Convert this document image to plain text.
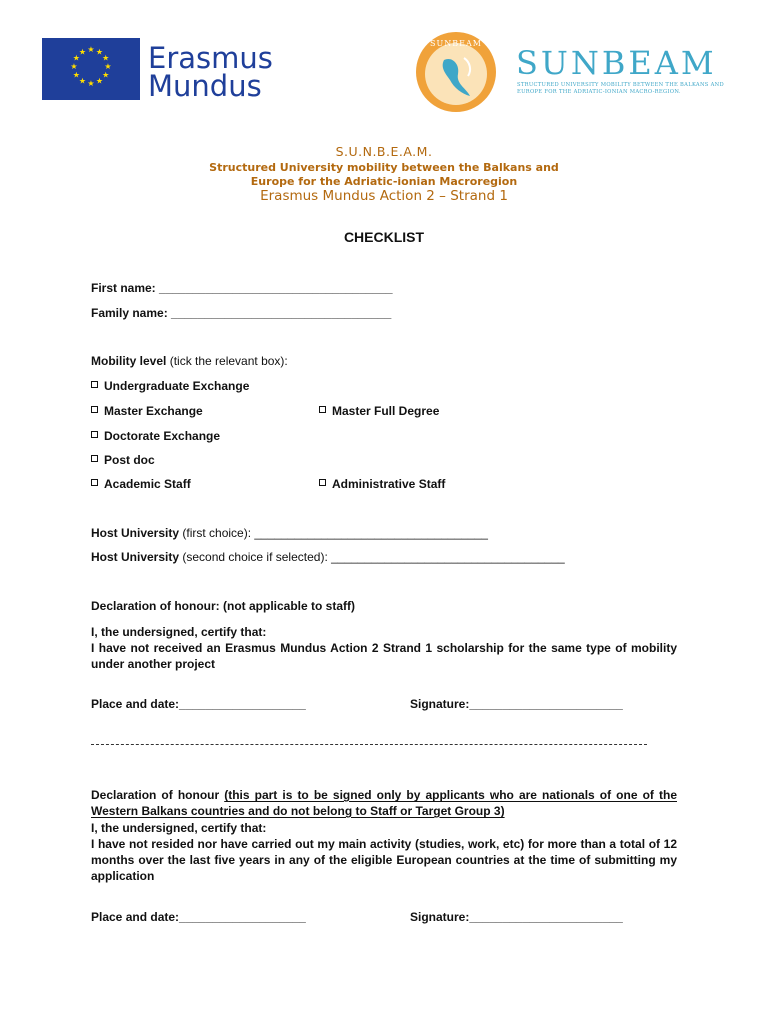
★ ★
★
★
★
★
★
★
★
★
★
★ Erasmus
Mundus
SUNBEAM
SUNBEAM
STRUCTURED UNIVERSITY MOBILITY BETWEEN THE BALKANS AND EUROPE FOR THE ADRIATIC-IONIAN MACRO-REGION.
S.U.N.B.E.A.M.
Structured University mobility between the Balkans and
Europe for the Adriatic-ionian Macroregion
Erasmus Mundus Action 2 – Strand 1
CHECKLIST
First name: ___________________________________
Family name: _________________________________
Mobility level (tick the relevant box):
Undergraduate Exchange
Master Exchange	Master Full Degree
Doctorate Exchange
Post doc
Academic Staff	Administrative Staff
Host University (first choice): ___________________________________
Host University (second choice if selected): ___________________________________
Declaration of honour: (not applicable to staff)
I, the undersigned, certify that:
I have not received an Erasmus Mundus Action 2 Strand 1 scholarship for the same type of mobility under another project
Place and date:___________________	Signature:_______________________
Declaration of honour (this part is to be signed only by applicants who are nationals of one of the Western Balkans countries and do not belong to Staff or Target Group 3)
I, the undersigned, certify that:
I have not resided nor have carried out my main activity (studies, work, etc) for more than a total of 12 months over the last five years in any of the eligible European countries at the time of submitting my application
Place and date:___________________	Signature:_______________________
